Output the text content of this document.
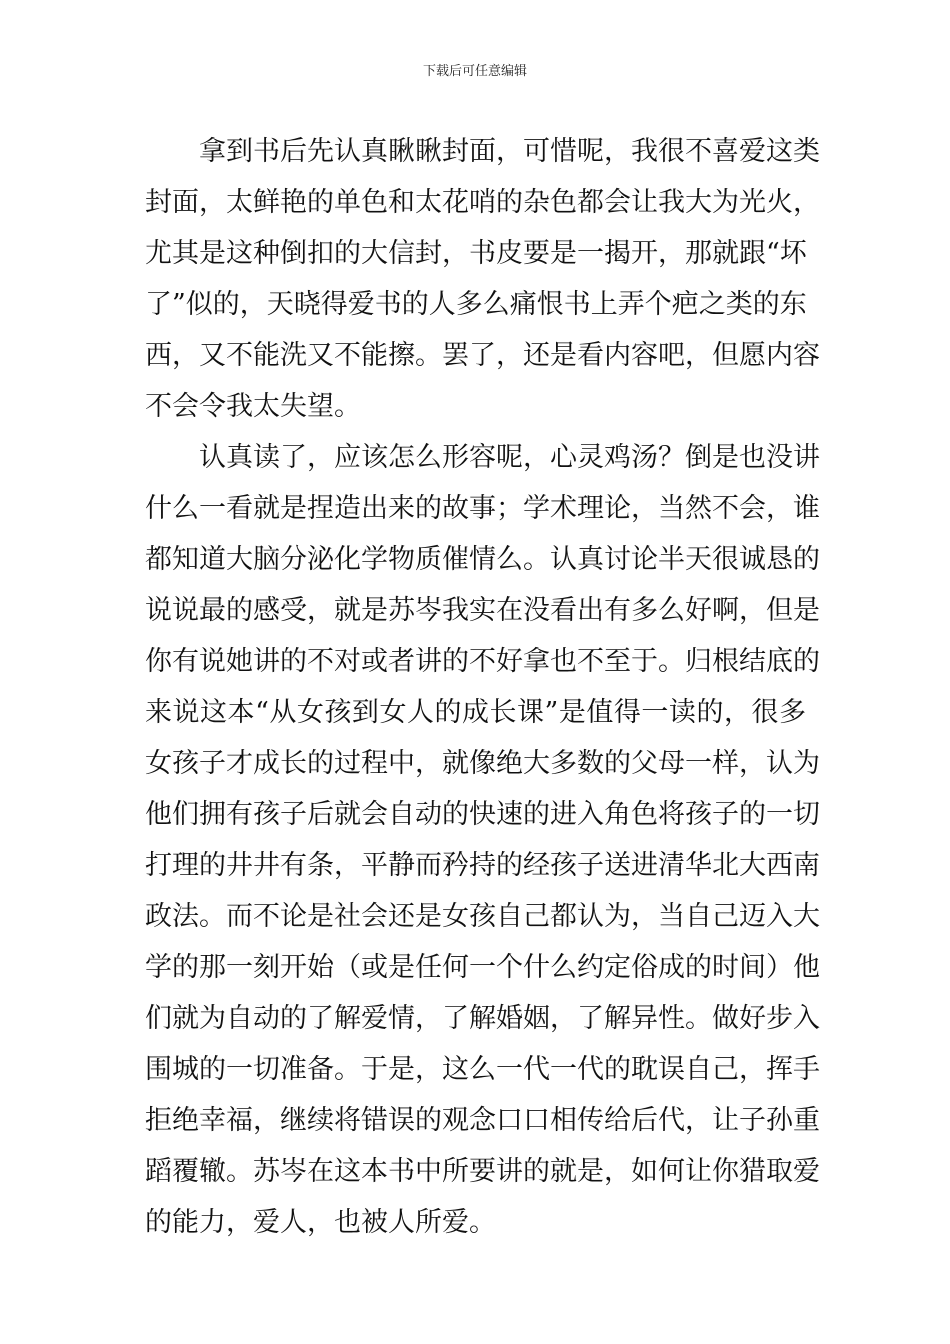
下载后可任意编辑

拿到书后先认真瞅瞅封面，可惜呢，我很不喜爱这类
封面，太鲜艳的单色和太花哨的杂色都会让我大为光火，
尤其是这种倒扣的大信封，书皮要是一揭开，那就跟“坏
了”似的，天晓得爱书的人多么痛恨书上弄个疤之类的东
西，又不能洗又不能擦。罢了，还是看内容吧，但愿内容
不会令我太失望。

认真读了，应该怎么形容呢，心灵鸡汤？倒是也没讲
什么一看就是捏造出来的故事；学术理论，当然不会，谁
都知道大脑分泌化学物质催情么。认真讨论半天很诚恳的
说说最的感受，就是苏岑我实在没看出有多么好啊，但是
你有说她讲的不对或者讲的不好拿也不至于。归根结底的
来说这本“从女孩到女人的成长课”是值得一读的，很多
女孩子才成长的过程中，就像绝大多数的父母一样，认为
他们拥有孩子后就会自动的快速的进入角色将孩子的一切
打理的井井有条，平静而矜持的经孩子送进清华北大西南
政法。而不论是社会还是女孩自己都认为，当自己迈入大
学的那一刻开始（或是任何一个什么约定俗成的时间）他
们就为自动的了解爱情，了解婚姻，了解异性。做好步入
围城的一切准备。于是，这么一代一代的耽误自己，挥手
拒绝幸福，继续将错误的观念口口相传给后代，让子孙重
蹈覆辙。苏岑在这本书中所要讲的就是，如何让你猎取爱
的能力，爱人，也被人所爱。
